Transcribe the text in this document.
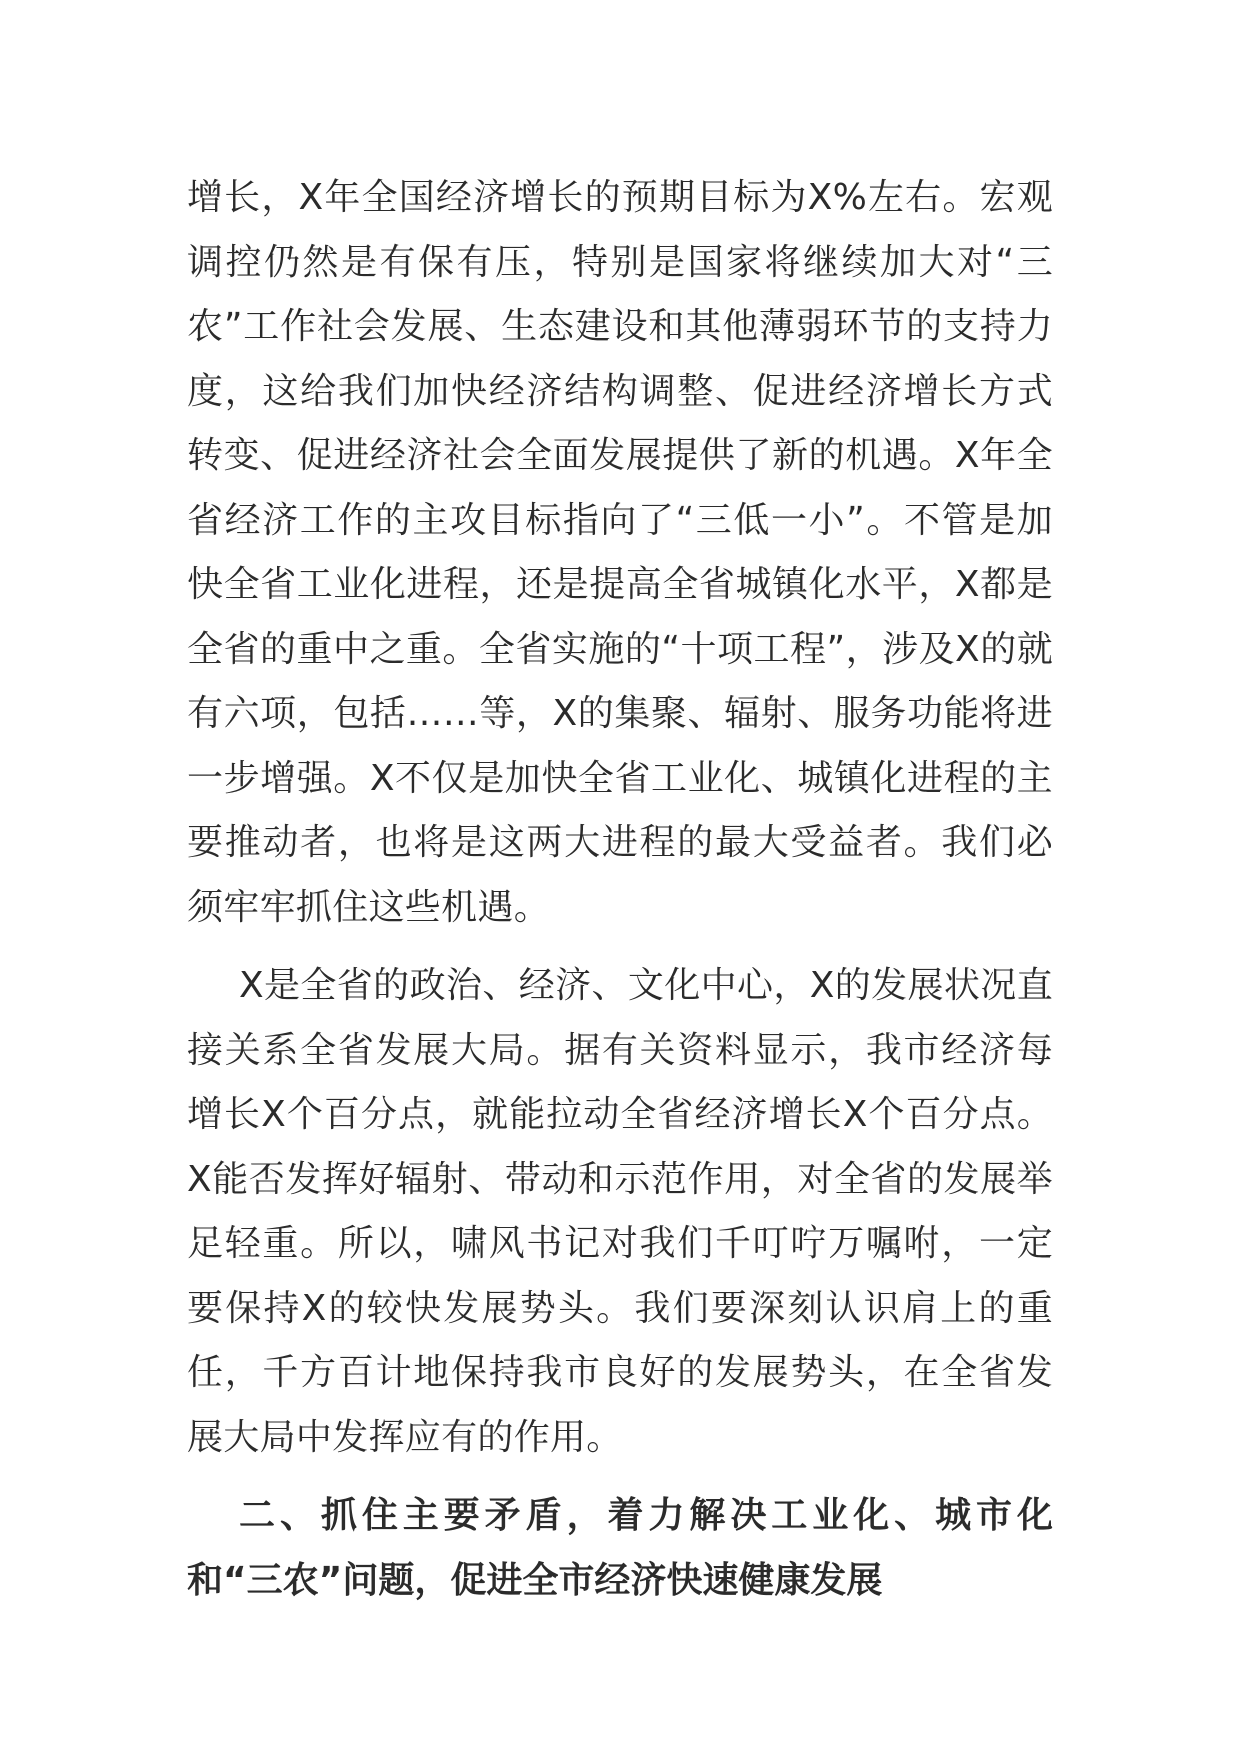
增长，X年全国经济增长的预期目标为X%左右。宏观调控仍然是有保有压，特别是国家将继续加大对“三农”工作社会发展、生态建设和其他薄弱环节的支持力度，这给我们加快经济结构调整、促进经济增长方式转变、促进经济社会全面发展提供了新的机遇。X年全省经济工作的主攻目标指向了“三低一小”。不管是加快全省工业化进程，还是提高全省城镇化水平，X都是全省的重中之重。全省实施的“十项工程”，涉及X的就有六项，包括……等，X的集聚、辐射、服务功能将进一步增强。X不仅是加快全省工业化、城镇化进程的主要推动者，也将是这两大进程的最大受益者。我们必须牢牢抓住这些机遇。

X是全省的政治、经济、文化中心，X的发展状况直接关系全省发展大局。据有关资料显示，我市经济每增长X个百分点，就能拉动全省经济增长X个百分点。X能否发挥好辐射、带动和示范作用，对全省的发展举足轻重。所以，啸风书记对我们千叮咛万嘱咐，一定要保持X的较快发展势头。我们要深刻认识肩上的重任，千方百计地保持我市良好的发展势头，在全省发展大局中发挥应有的作用。

二、抓住主要矛盾，着力解决工业化、城市化和“三农”问题，促进全市经济快速健康发展
